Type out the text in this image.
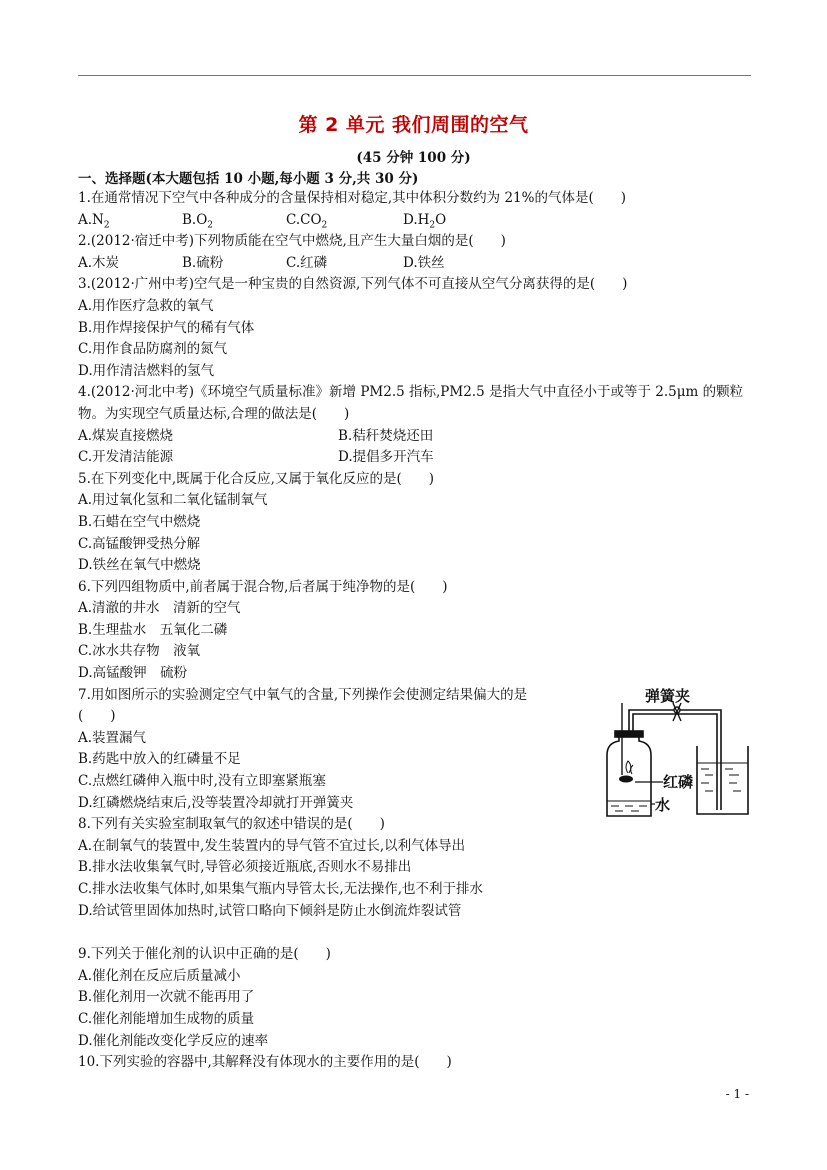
第 2 单元 我们周围的空气
(45 分钟 100 分)
一、选择题(本大题包括 10 小题,每小题 3 分,共 30 分)
1.在通常情况下空气中各种成分的含量保持相对稳定,其中体积分数约为 21%的气体是(　　)
$A.N_2$	$B.O_2$	$C.CO_2$	$D.H_2O$
2.(2012·宿迁中考)下列物质能在空气中燃烧,且产生大量白烟的是(　　)
A.木炭	B.硫粉	C.红磷	D.铁丝
3.(2012·广州中考)空气是一种宝贵的自然资源,下列气体不可直接从空气分离获得的是(　　)
A.用作医疗急救的氧气
B.用作焊接保护气的稀有气体
C.用作食品防腐剂的氮气
D.用作清洁燃料的氢气
4.(2012·河北中考)《环境空气质量标准》新增 PM2.5 指标,PM2.5 是指大气中直径小于或等于 2.5μm 的颗粒物。为实现空气质量达标,合理的做法是(　　)
A.煤炭直接燃烧	B.秸秆焚烧还田
C.开发清洁能源	D.提倡多开汽车
5.在下列变化中,既属于化合反应,又属于氧化反应的是(　　)
A.用过氧化氢和二氧化锰制氧气
B.石蜡在空气中燃烧
C.高锰酸钾受热分解
D.铁丝在氧气中燃烧
6.下列四组物质中,前者属于混合物,后者属于纯净物的是(　　)
A.清澈的井水　清新的空气
B.生理盐水　五氧化二磷
C.冰水共存物　液氧
D.高锰酸钾　硫粉
7.用如图所示的实验测定空气中氧气的含量,下列操作会使测定结果偏大的是
(　　)
A.装置漏气
B.药匙中放入的红磷量不足
C.点燃红磷伸入瓶中时,没有立即塞紧瓶塞
D.红磷燃烧结束后,没等装置冷却就打开弹簧夹
8.下列有关实验室制取氧气的叙述中错误的是(　　)
A.在制氧气的装置中,发生装置内的导气管不宜过长,以利气体导出
B.排水法收集氧气时,导管必须接近瓶底,否则水不易排出
C.排水法收集气体时,如果集气瓶内导管太长,无法操作,也不利于排水
D.给试管里固体加热时,试管口略向下倾斜是防止水倒流炸裂试管
9.下列关于催化剂的认识中正确的是(　　)
A.催化剂在反应后质量减小
B.催化剂用一次就不能再用了
C.催化剂能增加生成物的质量
D.催化剂能改变化学反应的速率
10.下列实验的容器中,其解释没有体现水的主要作用的是(　　)
弹簧夹
红磷
水
- 1 -
